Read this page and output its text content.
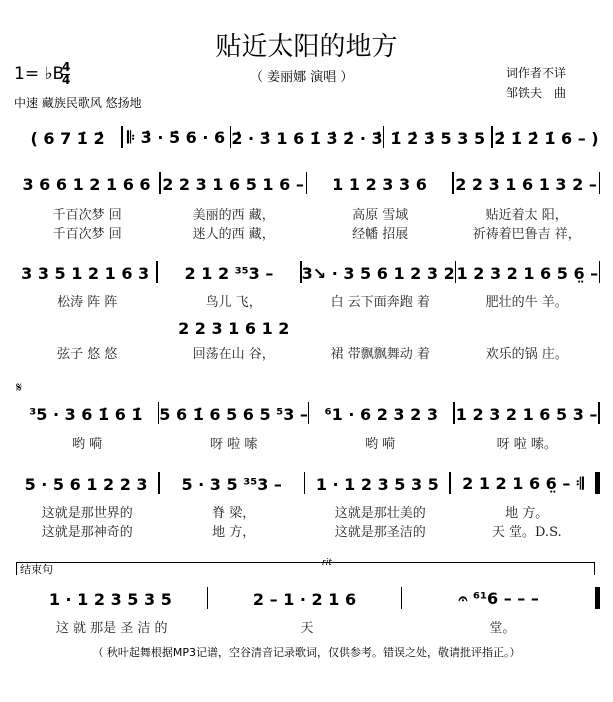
贴近太阳的地方
1= ♭B
4
4	（ 姜丽娜 演唱 ）	词作者不详
邹铁夫　曲
中速 藏族民歌风 悠扬地
𝄋
结束句	rit
（ 秋叶起舞根据MP3记谱，空谷清音记录歌词，仅供参考。错误之处，敬请批评指正。）
( 6 7 1̇ 2̇	𝄆 3̇ · 5̇ 6 · 6 2̇ · 3̇ 1 6 1̇ 3̇ 2̇ · 3̇ 1̇ 2̇ 3̇ 5 3 5 2̇ 1̇ 2̇ 1̇ 6 – )
3 6 6 1 2 1 6 6 2 2 3 1 6 5 1 6 –	1 1 2 3 3 6	2 2 3 1 6 1 3 2 –
千百次梦 回	美丽的西 藏，	高原 雪域	贴近着太 阳，
千百次梦 回	迷人的西 藏，	经幡 招展	祈祷着巴鲁吉 祥，
3 3 5 1 2 1 6 3	2 1 2 ³⁵3 –	3↘ · 3 5 6 1 2 3 2 1 2 3 2 1 6 5 6̤ –
松涛 阵 阵	鸟儿 飞，	白 云下面奔跑 着	肥壮的牛 羊。
2 2 3 1 6 1 2
弦子 悠 悠	回荡在山 谷，	裙 带飘飘舞动 着	欢乐的锅 庄。
³5 · 3 6 1̇ 6 1̇	5 6 1̇ 6 5 6 5 ⁵3 –	⁶1 · 6 2 3 2 3	1 2 3 2 1 6 5 3 –
哟 嗬	呀 啦 嗦	哟 嗬	呀 啦 嗦。
5 · 5 6 1 2 2 3	5 · 3 5 ³⁵3 –	1 · 1 2 3 5 3 5	2 1 2 1 6 6̤ – 𝄇
这就是那世界的	脊 梁，	这就是那壮美的	地 方。
这就是那神奇的	地 方，	这就是那圣洁的	天 堂。D.S.
1 · 1 2 3 5 3 5	2 – 1 · 2 1 6	𝄐 ⁶¹6 – – –
这 就 那是 圣 洁 的	天	堂。
